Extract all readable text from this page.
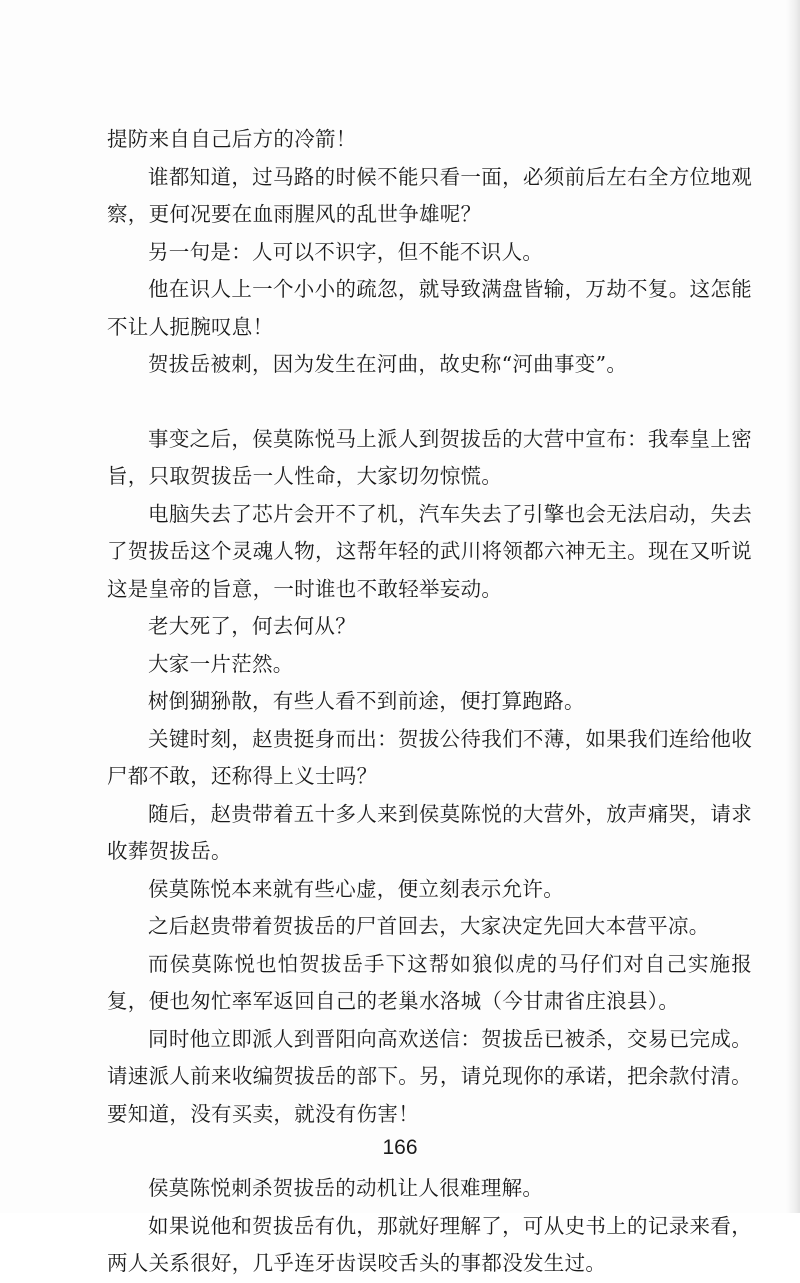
提防来自自己后方的冷箭！

谁都知道，过马路的时候不能只看一面，必须前后左右全方位地观察，更何况要在血雨腥风的乱世争雄呢？

另一句是：人可以不识字，但不能不识人。

他在识人上一个小小的疏忽，就导致满盘皆输，万劫不复。这怎能不让人扼腕叹息！

贺拔岳被刺，因为发生在河曲，故史称“河曲事变”。

事变之后，侯莫陈悦马上派人到贺拔岳的大营中宣布：我奉皇上密旨，只取贺拔岳一人性命，大家切勿惊慌。

电脑失去了芯片会开不了机，汽车失去了引擎也会无法启动，失去了贺拔岳这个灵魂人物，这帮年轻的武川将领都六神无主。现在又听说这是皇帝的旨意，一时谁也不敢轻举妄动。

老大死了，何去何从？

大家一片茫然。

树倒猢狲散，有些人看不到前途，便打算跑路。

关键时刻，赵贵挺身而出：贺拔公待我们不薄，如果我们连给他收尸都不敢，还称得上义士吗？

随后，赵贵带着五十多人来到侯莫陈悦的大营外，放声痛哭，请求收葬贺拔岳。

侯莫陈悦本来就有些心虚，便立刻表示允许。

之后赵贵带着贺拔岳的尸首回去，大家决定先回大本营平凉。

而侯莫陈悦也怕贺拔岳手下这帮如狼似虎的马仔们对自己实施报复，便也匆忙率军返回自己的老巢水洛城（今甘肃省庄浪县）。

同时他立即派人到晋阳向高欢送信：贺拔岳已被杀，交易已完成。请速派人前来收编贺拔岳的部下。另，请兑现你的承诺，把余款付清。要知道，没有买卖，就没有伤害！

侯莫陈悦刺杀贺拔岳的动机让人很难理解。

如果说他和贺拔岳有仇，那就好理解了，可从史书上的记录来看，两人关系很好，几乎连牙齿误咬舌头的事都没发生过。

166
